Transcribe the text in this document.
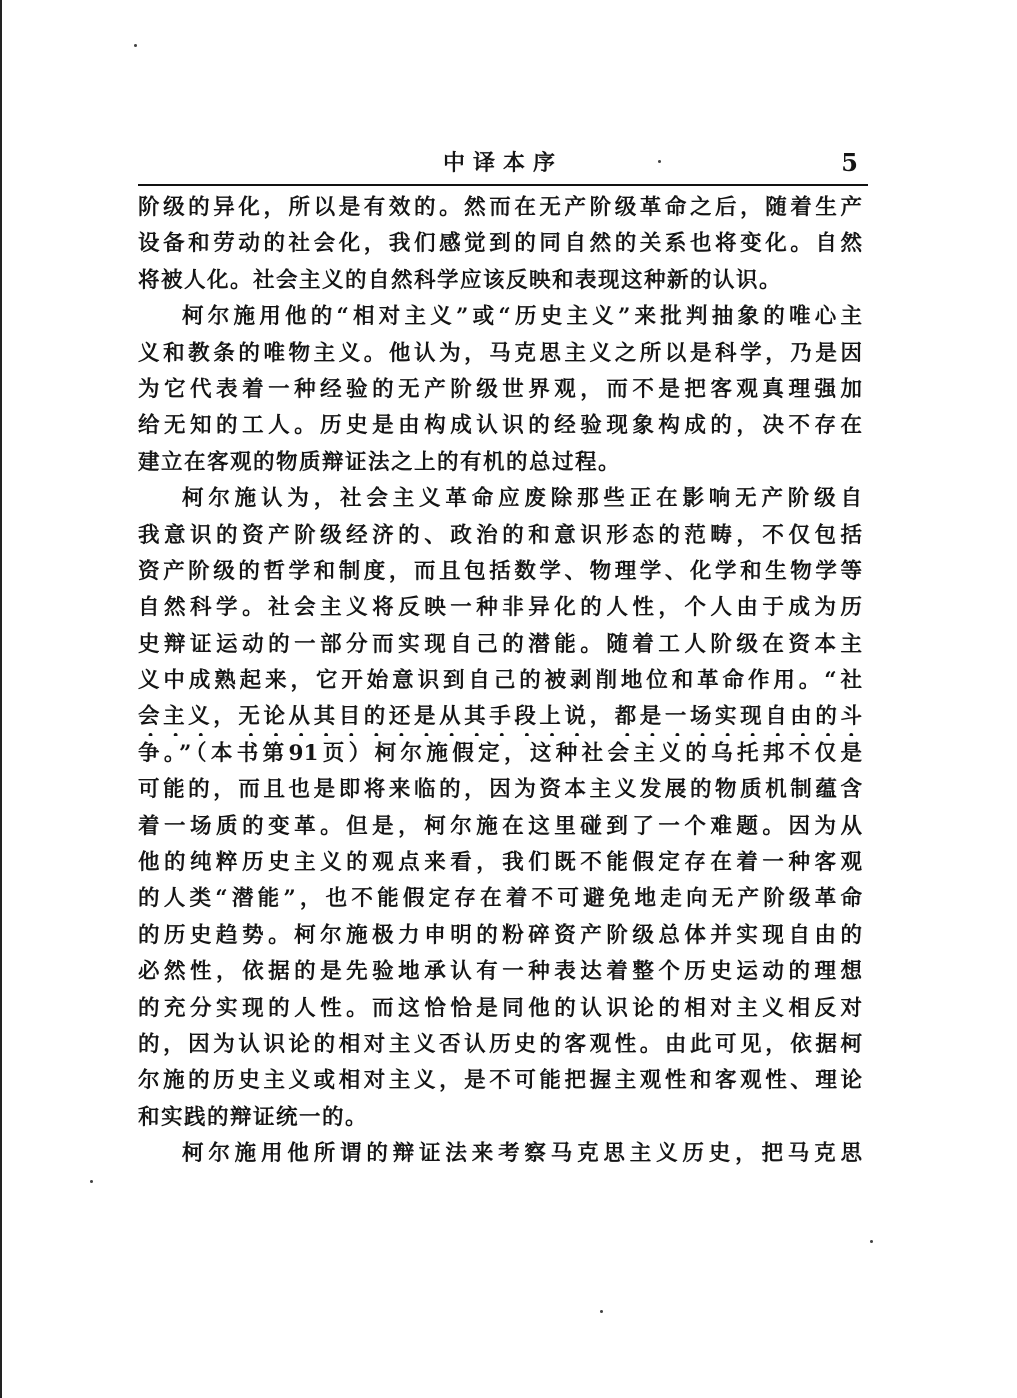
中译本序	5
阶级的异化，所以是有效的。然而在无产阶级革命之后，随着生产
设备和劳动的社会化，我们感觉到的同自然的关系也将变化。自然
将被人化。社会主义的自然科学应该反映和表现这种新的认识。
柯尔施用他的“相对主义”或“历史主义”来批判抽象的唯心主
义和教条的唯物主义。他认为，马克思主义之所以是科学，乃是因
为它代表着一种经验的无产阶级世界观，而不是把客观真理强加
给无知的工人。历史是由构成认识的经验现象构成的，决不存在
建立在客观的物质辩证法之上的有机的总过程。
柯尔施认为，社会主义革命应废除那些正在影响无产阶级自
我意识的资产阶级经济的、政治的和意识形态的范畴，不仅包括
资产阶级的哲学和制度，而且包括数学、物理学、化学和生物学等
自然科学。社会主义将反映一种非异化的人性，个人由于成为历
史辩证运动的一部分而实现自己的潜能。随着工人阶级在资本主
义中成熟起来，它开始意识到自己的被剥削地位和革命作用。“社
会主义，无论从其目的还是从其手段上说，都是一场实现自由的斗
争。”（本书第91页）柯尔施假定，这种社会主义的乌托邦不仅是
可能的，而且也是即将来临的，因为资本主义发展的物质机制蕴含
着一场质的变革。但是，柯尔施在这里碰到了一个难题。因为从
他的纯粹历史主义的观点来看，我们既不能假定存在着一种客观
的人类“潜能”，也不能假定存在着不可避免地走向无产阶级革命
的历史趋势。柯尔施极力申明的粉碎资产阶级总体并实现自由的
必然性，依据的是先验地承认有一种表达着整个历史运动的理想
的充分实现的人性。而这恰恰是同他的认识论的相对主义相反对
的，因为认识论的相对主义否认历史的客观性。由此可见，依据柯
尔施的历史主义或相对主义，是不可能把握主观性和客观性、理论
和实践的辩证统一的。
柯尔施用他所谓的辩证法来考察马克思主义历史，把马克思
